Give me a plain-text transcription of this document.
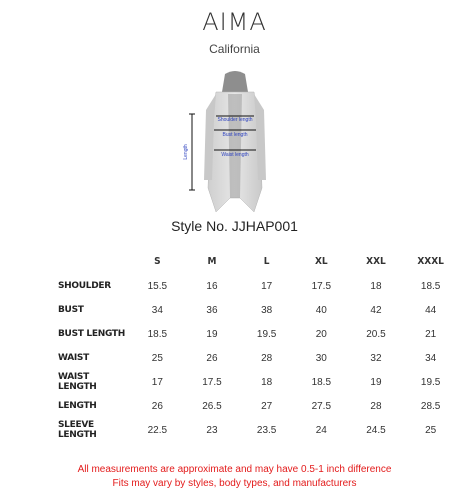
AIMA
California
Shoulder length
Bust length
Waist length
Length
Style No. JJHAP001
	S	M	L	XL	XXL	XXXL
SHOULDER	15.5	16	17	17.5	18	18.5
BUST	34	36	38	40	42	44
BUST LENGTH	18.5	19	19.5	20	20.5	21
WAIST	25	26	28	30	32	34
WAIST LENGTH	17	17.5	18	18.5	19	19.5
LENGTH	26	26.5	27	27.5	28	28.5
SLEEVE LENGTH	22.5	23	23.5	24	24.5	25
All measurements are approximate and may have 0.5-1 inch difference
Fits may vary by styles, body types, and manufacturers
